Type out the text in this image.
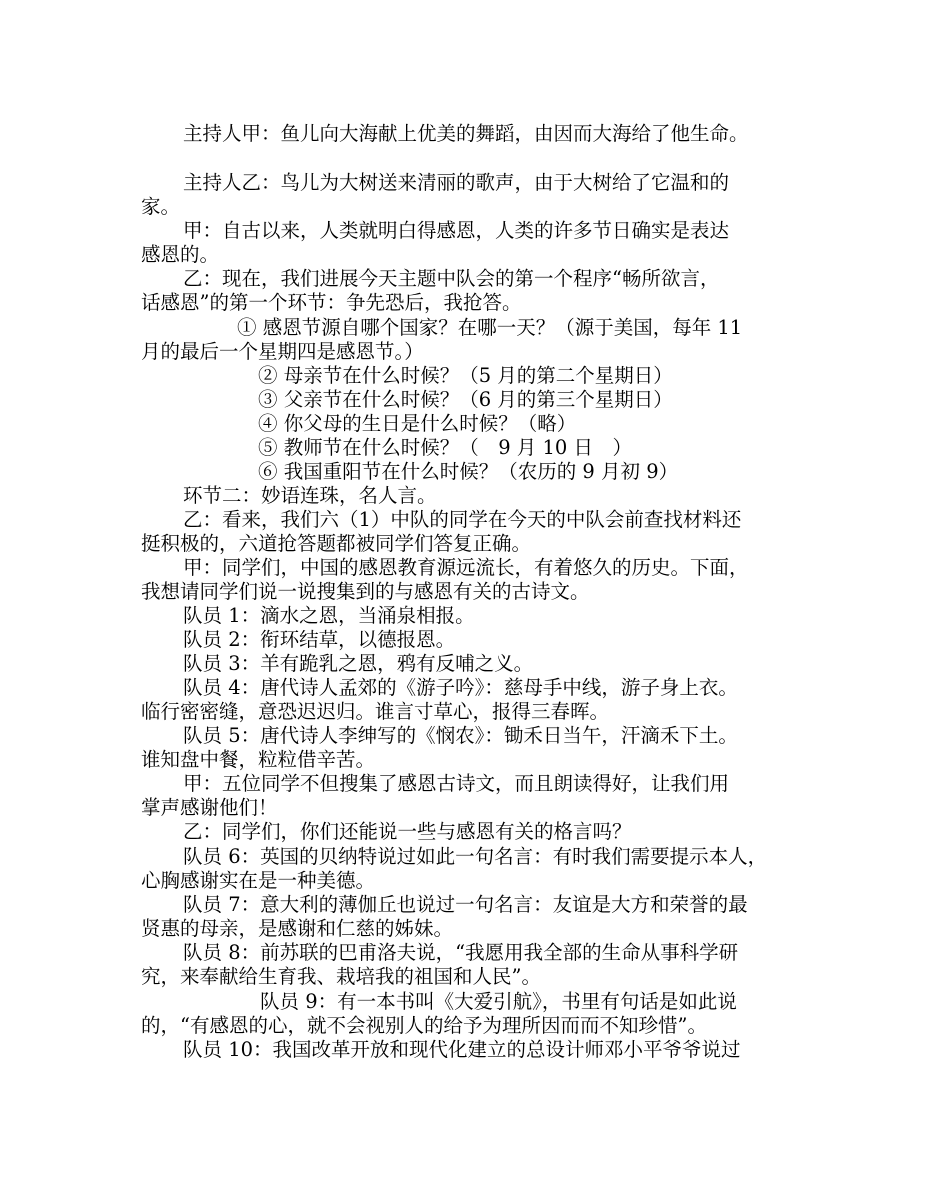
主持人甲：鱼儿向大海献上优美的舞蹈，由因而大海给了他生命。

主持人乙：鸟儿为大树送来清丽的歌声，由于大树给了它温和的
家。

甲：自古以来，人类就明白得感恩，人类的许多节日确实是表达
感恩的。

乙：现在，我们进展今天主题中队会的第一个程序“畅所欲言，
话感恩”的第一个环节：争先恐后，我抢答。

① 感恩节源自哪个国家？在哪一天？（源于美国，每年 11
月的最后一个星期四是感恩节。）

② 母亲节在什么时候？（5 月的第二个星期日）

③ 父亲节在什么时候？（6 月的第三个星期日）

④ 你父母的生日是什么时候？（略）

⑤ 教师节在什么时候？（　9 月 10 日　）

⑥ 我国重阳节在什么时候？（农历的 9 月初 9）

环节二：妙语连珠，名人言。

乙：看来，我们六（1）中队的同学在今天的中队会前查找材料还
挺积极的，六道抢答题都被同学们答复正确。

甲：同学们，中国的感恩教育源远流长，有着悠久的历史。下面，
我想请同学们说一说搜集到的与感恩有关的古诗文。

队员 1：滴水之恩，当涌泉相报。

队员 2：衔环结草，以德报恩。

队员 3：羊有跪乳之恩，鸦有反哺之义。

队员 4：唐代诗人孟郊的《游子吟》：慈母手中线，游子身上衣。
临行密密缝，意恐迟迟归。谁言寸草心，报得三春晖。

队员 5：唐代诗人李绅写的《悯农》：锄禾日当午，汗滴禾下土。
谁知盘中餐，粒粒借辛苦。

甲：五位同学不但搜集了感恩古诗文，而且朗读得好，让我们用
掌声感谢他们！

乙：同学们，你们还能说一些与感恩有关的格言吗？

队员 6：英国的贝纳特说过如此一句名言：有时我们需要提示本人，
心胸感谢实在是一种美德。

队员 7：意大利的薄伽丘也说过一句名言：友谊是大方和荣誉的最
贤惠的母亲，是感谢和仁慈的姊妹。

队员 8：前苏联的巴甫洛夫说，“我愿用我全部的生命从事科学研
究，来奉献给生育我、栽培我的祖国和人民”。

队员 9：有一本书叫《大爱引航》，书里有句话是如此说
的，“有感恩的心，就不会视别人的给予为理所因而而不知珍惜”。

队员 10：我国改革开放和现代化建立的总设计师邓小平爷爷说过
